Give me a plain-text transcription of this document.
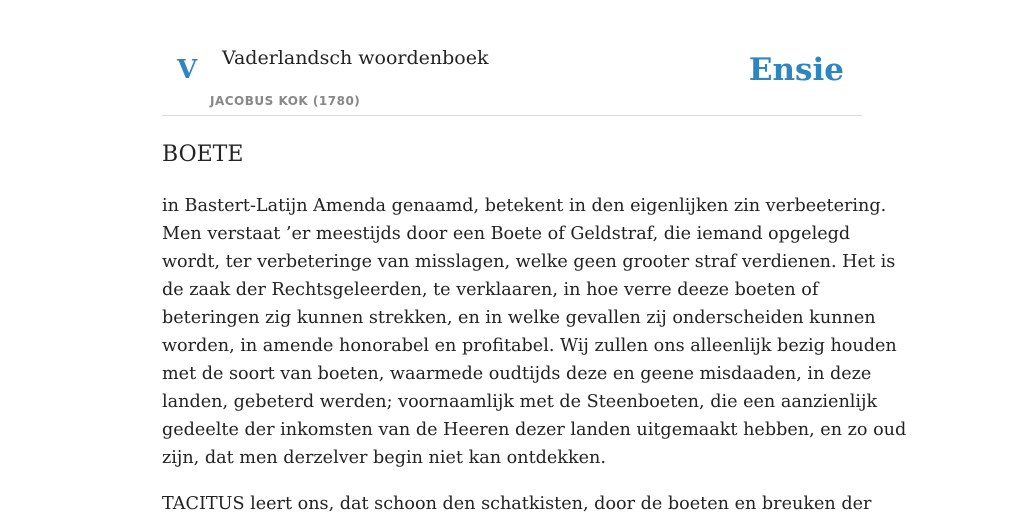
V Vaderlandsch woordenboek
JACOBUS KOK (1780)
Ensie
BOETE

in Bastert-Latijn Amenda genaamd, betekent in den eigenlijken zin verbeetering.
Men verstaat ’er meestijds door een Boete of Geldstraf, die iemand opgelegd
wordt, ter verbeteringe van misslagen, welke geen grooter straf verdienen. Het is
de zaak der Rechtsgeleerden, te verklaaren, in hoe verre deeze boeten of
beteringen zig kunnen strekken, en in welke gevallen zij onderscheiden kunnen
worden, in amende honorabel en profitabel. Wij zullen ons alleenlijk bezig houden
met de soort van boeten, waarmede oudtijds deze en geene misdaaden, in deze
landen, gebeterd werden; voornaamlijk met de Steenboeten, die een aanzienlijk
gedeelte der inkomsten van de Heeren dezer landen uitgemaakt hebben, en zo oud
zijn, dat men derzelver begin niet kan ontdekken.

TACITUS leert ons, dat schoon den schatkisten, door de boeten en breuken der
